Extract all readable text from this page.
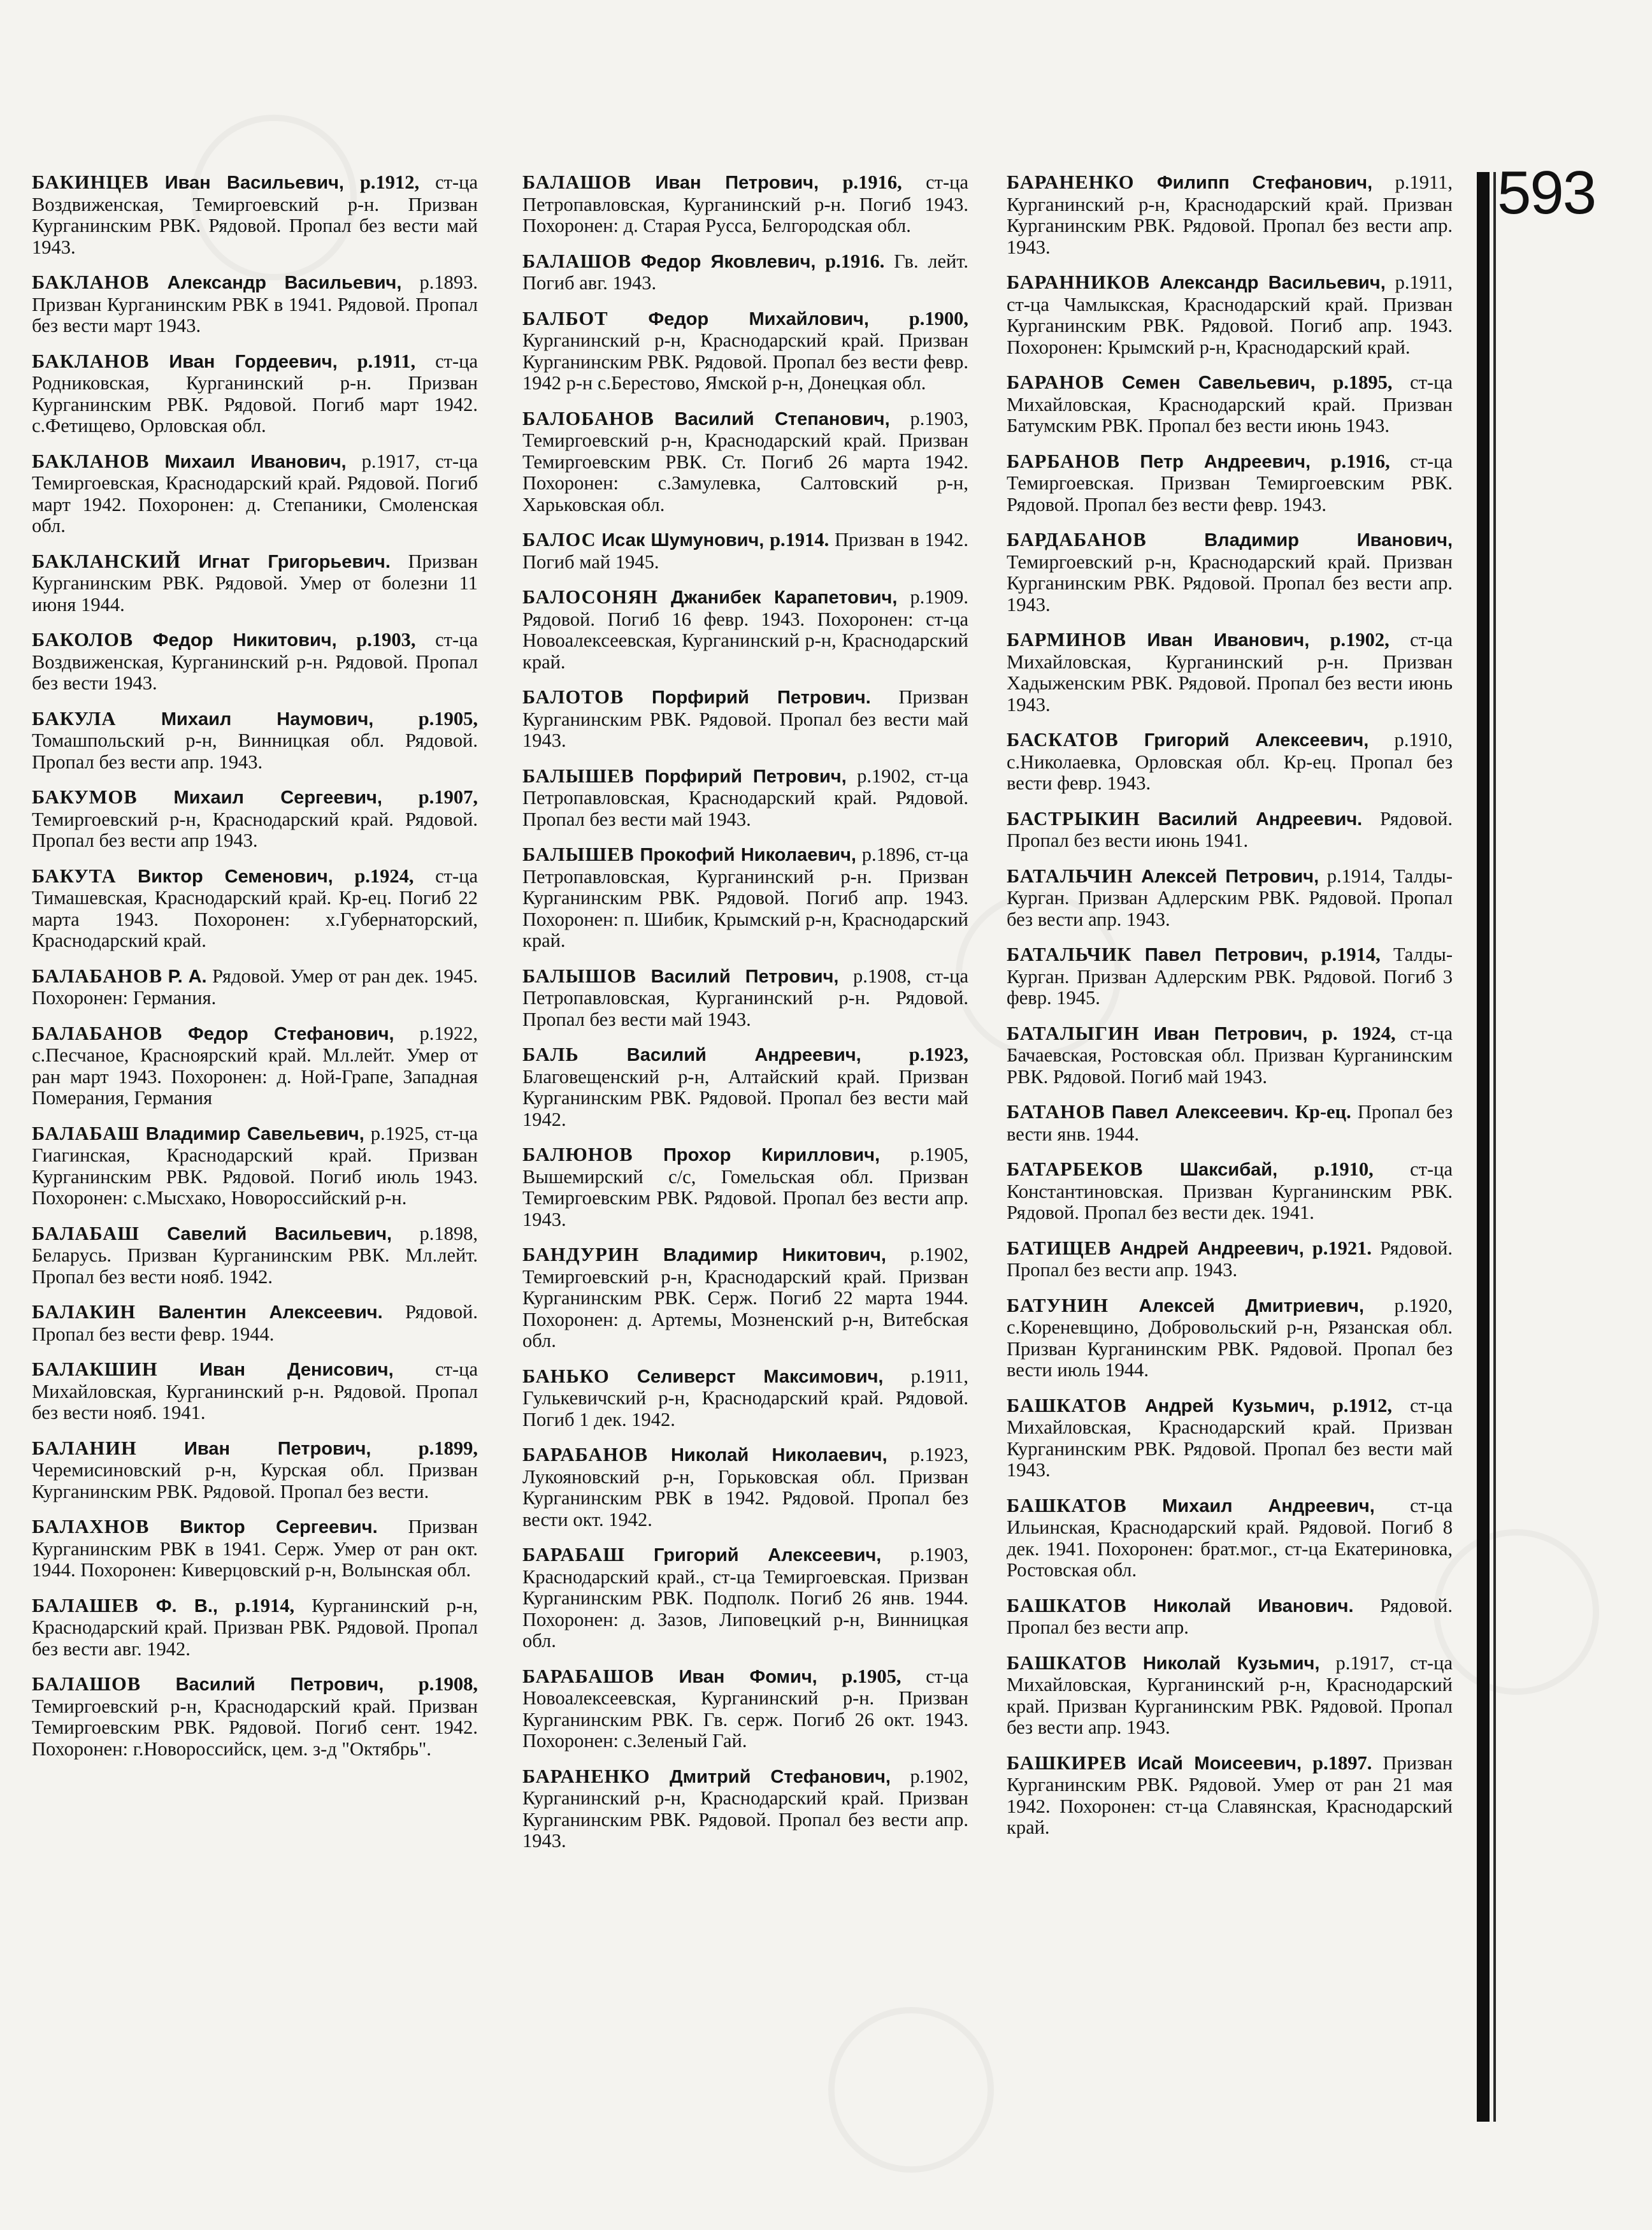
593

БАКИНЦЕВ Иван Васильевич, р.1912, ст-ца Воздвиженская, Темиргоевский р-н. Призван Курганинским РВК. Рядовой. Пропал без вести май 1943.

БАКЛАНОВ Александр Васильевич, р.1893. Призван Курганинским РВК в 1941. Рядовой. Пропал без вести март 1943.

БАКЛАНОВ Иван Гордеевич, р.1911, ст-ца Родниковская, Курганинский р-н. Призван Курганинским РВК. Рядовой. Погиб март 1942. с.Фетищево, Орловская обл.

БАКЛАНОВ Михаил Иванович, р.1917, ст-ца Темиргоевская, Краснодарский край. Рядовой. Погиб март 1942. Похоронен: д. Степаники, Смоленская обл.

БАКЛАНСКИЙ Игнат Григорьевич. Призван Курганинским РВК. Рядовой. Умер от болезни 11 июня 1944.

БАКОЛОВ Федор Никитович, р.1903, ст-ца Воздвиженская, Курганинский р-н. Рядовой. Пропал без вести 1943.

БАКУЛА Михаил Наумович, р.1905, Томашпольский р-н, Винницкая обл. Рядовой. Пропал без вести апр. 1943.

БАКУМОВ Михаил Сергеевич, р.1907, Темиргоевский р-н, Краснодарский край. Рядовой. Пропал без вести апр 1943.

БАКУТА Виктор Семенович, р.1924, ст-ца Тимашевская, Краснодарский край. Кр-ец. Погиб 22 марта 1943. Похоронен: х.Губернаторский, Краснодарский край.

БАЛАБАНОВ Р. А. Рядовой. Умер от ран дек. 1945. Похоронен: Германия.

БАЛАБАНОВ Федор Стефанович, р.1922, с.Песчаное, Красноярский край. Мл.лейт. Умер от ран март 1943. Похоронен: д. Ной-Грапе, Западная Померания, Германия

БАЛАБАШ Владимир Савельевич, р.1925, ст-ца Гиагинская, Краснодарский край. Призван Курганинским РВК. Рядовой. Погиб июль 1943. Похоронен: с.Мысхако, Новороссийский р-н.

БАЛАБАШ Савелий Васильевич, р.1898, Беларусь. Призван Курганинским РВК. Мл.лейт. Пропал без вести нояб. 1942.

БАЛАКИН Валентин Алексеевич. Рядовой. Пропал без вести февр. 1944.

БАЛАКШИН Иван Денисович, ст-ца Михайловская, Курганинский р-н. Рядовой. Пропал без вести нояб. 1941.

БАЛАНИН	Иван Петрович, р.1899, Черемисиновский р-н, Курская обл. Призван Курганинским РВК. Рядовой. Пропал без вести.

БАЛАХНОВ Виктор Сергеевич. Призван Курганинским РВК в 1941. Серж. Умер от ран окт. 1944. Похоронен: Киверцовский р-н, Волынская обл.

БАЛАШЕВ Ф. В., р.1914, Курганинский р-н, Краснодарский край. Призван РВК. Рядовой. Пропал без вести авг. 1942.

БАЛАШОВ Василий Петрович, р.1908, Темиргоевский р-н, Краснодарский край. Призван Темиргоевским РВК. Рядовой. Погиб сент. 1942. Похоронен: г.Новороссийск, цем. з-д "Октябрь".

БАЛАШОВ Иван Петрович, р.1916, ст-ца Петропавловская, Курганинский р-н. Погиб 1943. Похоронен: д. Старая Русса, Белгородская обл.

БАЛАШОВ Федор Яковлевич, р.1916. Гв. лейт. Погиб авг. 1943.

БАЛБОТ Федор Михайлович, р.1900, Курганинский р-н, Краснодарский край. Призван Курганинским РВК. Рядовой. Пропал без вести февр. 1942 р-н с.Берестово, Ямской р-н, Донецкая обл.

БАЛОБАНОВ Василий Степанович, р.1903, Темиргоевский р-н, Краснодарский край. Призван Темиргоевским РВК. Ст. Погиб 26 марта 1942. Похоронен: с.Замулевка, Салтовский р-н, Харьковская обл.

БАЛОС Исак Шумунович, р.1914. Призван в 1942. Погиб май 1945.

БАЛОСОНЯН Джанибек Карапетович, р.1909. Рядовой. Погиб 16 февр. 1943. Похоронен: ст-ца Новоалексеевская, Курганинский р-н, Краснодарский край.

БАЛОТОВ Порфирий Петрович. Призван Курганинским РВК. Рядовой. Пропал без вести май 1943.

БАЛЫШЕВ Порфирий Петрович, р.1902, ст-ца Петропавловская, Краснодарский край. Рядовой. Пропал без вести май 1943.

БАЛЫШЕВ Прокофий Николаевич, р.1896, ст-ца Петропавловская, Курганинский р-н. Призван Курганинским РВК. Рядовой. Погиб апр. 1943. Похоронен: п. Шибик, Крымский р-н, Краснодарский край.

БАЛЫШОВ Василий Петрович, р.1908, ст-ца Петропавловская, Курганинский р-н. Рядовой. Пропал без вести май 1943.

БАЛЬ	Василий Андреевич, р.1923, Благовещенский р-н, Алтайский край. Призван Курганинским РВК. Рядовой. Пропал без вести май 1942.

БАЛЮНОВ Прохор Кириллович, р.1905, Вышемирский с/с, Гомельская обл. Призван Темиргоевским РВК. Рядовой. Пропал без вести апр. 1943.

БАНДУРИН Владимир Никитович, р.1902, Темиргоевский р-н, Краснодарский край. Призван Курганинским РВК. Серж. Погиб 22 марта 1944. Похоронен: д. Артемы, Мозненский р-н, Витебская обл.

БАНЬКО Селиверст Максимович, р.1911, Гулькевичский р-н, Краснодарский край. Рядовой. Погиб 1 дек. 1942.

БАРАБАНОВ Николай Николаевич, р.1923, Лукояновский р-н, Горьковская обл. Призван Курганинским РВК в 1942. Рядовой. Пропал без вести окт. 1942.

БАРАБАШ Григорий Алексеевич, р.1903, Краснодарский край., ст-ца Темиргоевская. Призван Курганинским РВК. Подполк. Погиб 26 янв. 1944. Похоронен: д. Зазов, Липовецкий р-н, Винницкая обл.

БАРАБАШОВ Иван Фомич, р.1905, ст-ца Новоалексеевская, Курганинский р-н. Призван Курганинским РВК. Гв. серж. Погиб 26 окт. 1943. Похоронен: с.Зеленый Гай.

БАРАНЕНКО Дмитрий Стефанович, р.1902, Курганинский р-н, Краснодарский край. Призван Курганинским РВК. Рядовой. Пропал без вести апр. 1943.

БАРАНЕНКО Филипп Стефанович, р.1911, Курганинский р-н, Краснодарский край. Призван Курганинским РВК. Рядовой. Пропал без вести апр. 1943.

БАРАННИКОВ Александр Васильевич, р.1911, ст-ца Чамлыкская, Краснодарский край. Призван Курганинским РВК. Рядовой. Погиб апр. 1943. Похоронен: Крымский р-н, Краснодарский край.

БАРАНОВ Семен Савельевич, р.1895, ст-ца Михайловская, Краснодарский край. Призван Батумским РВК. Пропал без вести июнь 1943.

БАРБАНОВ Петр Андреевич, р.1916, ст-ца Темиргоевская. Призван Темиргоевским РВК. Рядовой. Пропал без вести февр. 1943.

БАРДАБАНОВ	Владимир Иванович, Темиргоевский р-н, Краснодарский край. Призван Курганинским РВК. Рядовой. Пропал без вести апр. 1943.

БАРМИНОВ Иван Иванович, р.1902, ст-ца Михайловская, Курганинский р-н. Призван Хадыженским РВК. Рядовой. Пропал без вести июнь 1943.

БАСКАТОВ Григорий Алексеевич, р.1910, с.Николаевка, Орловская обл. Кр-ец. Пропал без вести февр. 1943.

БАСТРЫКИН Василий Андреевич. Рядовой. Пропал без вести июнь 1941.

БАТАЛЬЧИН Алексей Петрович, р.1914, Талды-Курган. Призван Адлерским РВК. Рядовой. Пропал без вести апр. 1943.

БАТАЛЬЧИК Павел Петрович, р.1914, Талды-Курган. Призван Адлерским РВК. Рядовой. Погиб 3 февр. 1945.

БАТАЛЫГИН Иван Петрович, р. 1924, ст-ца Бачаевская, Ростовская обл. Призван Курганинским РВК. Рядовой. Погиб май 1943.

БАТАНОВ Павел Алексеевич. Кр-ец. Пропал без вести янв. 1944.

БАТАРБЕКОВ Шаксибай, р.1910, ст-ца Константиновская. Призван Курганинским РВК. Рядовой. Пропал без вести дек. 1941.

БАТИЩЕВ Андрей Андреевич, р.1921. Рядовой. Пропал без вести апр. 1943.

БАТУНИН Алексей Дмитриевич, р.1920, с.Кореневщино, Добровольский р-н, Рязанская обл. Призван Курганинским РВК. Рядовой. Пропал без вести июль 1944.

БАШКАТОВ Андрей Кузьмич, р.1912, ст-ца Михайловская, Краснодарский край. Призван Курганинским РВК. Рядовой. Пропал без вести май 1943.

БАШКАТОВ Михаил Андреевич, ст-ца Ильинская, Краснодарский край. Рядовой. Погиб 8 дек. 1941. Похоронен: брат.мог., ст-ца Екатериновка, Ростовская обл.

БАШКАТОВ Николай Иванович. Рядовой. Пропал без вести апр.

БАШКАТОВ Николай Кузьмич, р.1917, ст-ца Михайловская, Курганинский р-н, Краснодарский край. Призван Курганинским РВК. Рядовой. Пропал без вести апр. 1943.

БАШКИРЕВ Исай Моисеевич, р.1897. Призван Курганинским РВК. Рядовой. Умер от ран 21 мая 1942. Похоронен: ст-ца Славянская, Краснодарский край.
